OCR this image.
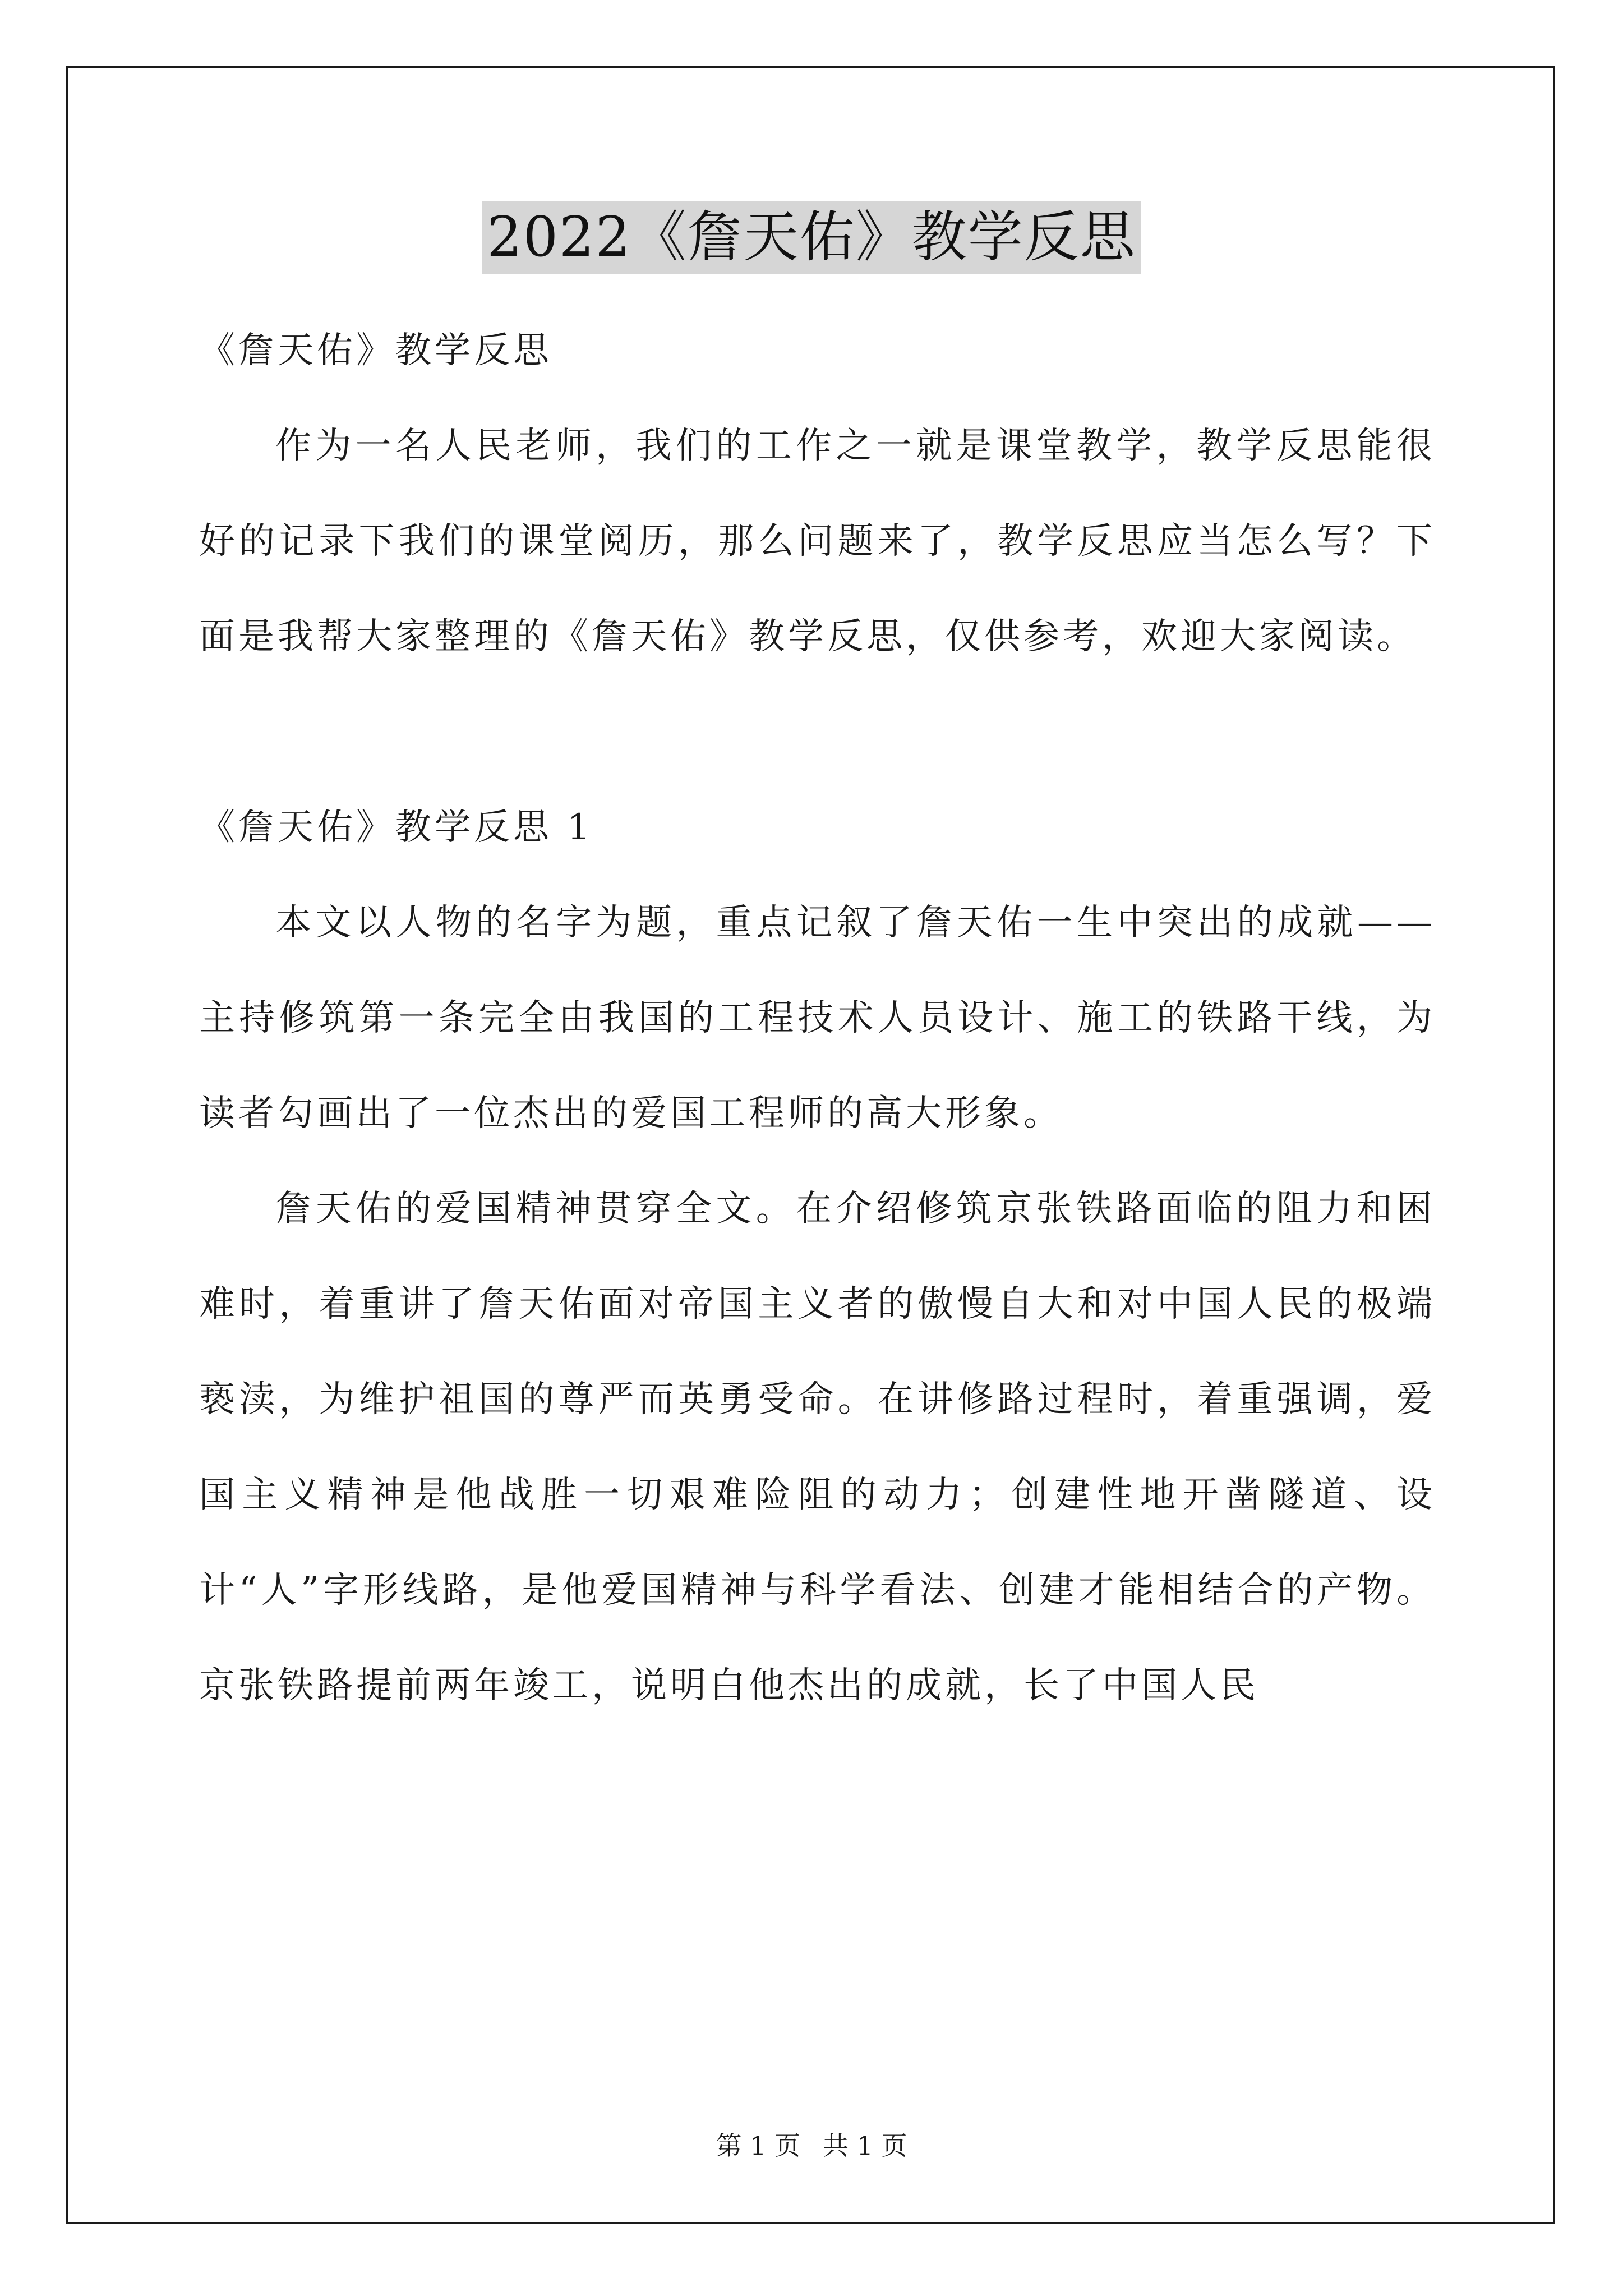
2022《詹天佑》教学反思

《詹天佑》教学反思

作为一名人民老师，我们的工作之一就是课堂教学，教学反思能很好的记录下我们的课堂阅历，那么问题来了，教学反思应当怎么写？下面是我帮大家整理的《詹天佑》教学反思，仅供参考，欢迎大家阅读。

《詹天佑》教学反思 1

本文以人物的名字为题，重点记叙了詹天佑一生中突出的成就——主持修筑第一条完全由我国的工程技术人员设计、施工的铁路干线，为读者勾画出了一位杰出的爱国工程师的高大形象。

詹天佑的爱国精神贯穿全文。在介绍修筑京张铁路面临的阻力和困难时，着重讲了詹天佑面对帝国主义者的傲慢自大和对中国人民的极端亵渎，为维护祖国的尊严而英勇受命。在讲修路过程时，着重强调，爱国主义精神是他战胜一切艰难险阻的动力；创建性地开凿隧道、设计“人”字形线路，是他爱国精神与科学看法、创建才能相结合的产物。京张铁路提前两年竣工，说明白他杰出的成就，长了中国人民

第 1 页 共 1 页
